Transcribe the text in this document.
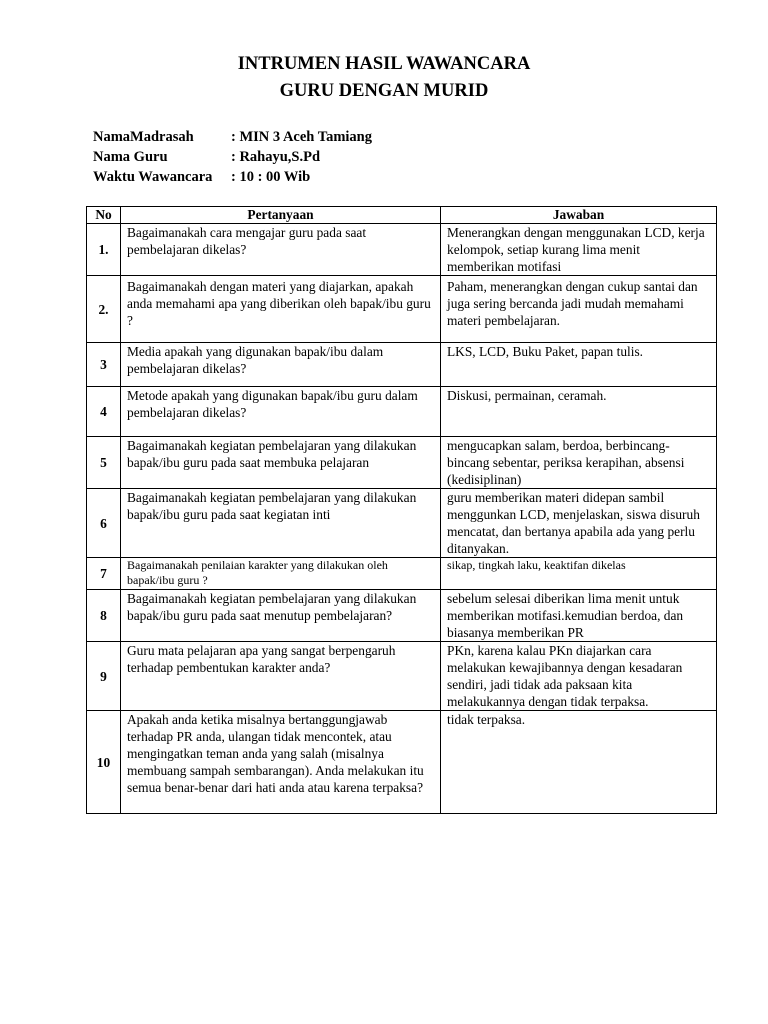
INTRUMEN HASIL WAWANCARA
GURU DENGAN MURID
NamaMadrasah	: MIN 3 Aceh Tamiang
Nama Guru	: Rahayu,S.Pd
Waktu Wawancara	: 10 : 00 Wib
No	Pertanyaan	Jawaban
1.	Bagaimanakah cara mengajar guru pada saat pembelajaran dikelas?	Menerangkan dengan menggunakan LCD, kerja kelompok, setiap kurang lima menit memberikan motifasi
2.	Bagaimanakah dengan materi yang diajarkan, apakah anda memahami apa yang diberikan oleh bapak/ibu guru ?	Paham, menerangkan dengan cukup santai dan juga sering bercanda jadi mudah memahami materi pembelajaran.
3	Media apakah yang digunakan bapak/ibu dalam pembelajaran dikelas?	LKS, LCD, Buku Paket, papan tulis.
4	Metode apakah yang digunakan bapak/ibu guru dalam pembelajaran dikelas?	Diskusi, permainan, ceramah.
5	Bagaimanakah kegiatan pembelajaran yang dilakukan bapak/ibu guru pada saat membuka pelajaran	mengucapkan salam, berdoa, berbincang-bincang sebentar, periksa kerapihan, absensi (kedisiplinan)
6	Bagaimanakah kegiatan pembelajaran yang dilakukan bapak/ibu guru pada saat kegiatan inti	guru memberikan materi didepan sambil menggunkan LCD, menjelaskan, siswa disuruh mencatat, dan bertanya apabila ada yang perlu ditanyakan.
7	Bagaimanakah penilaian karakter yang dilakukan oleh bapak/ibu guru ?	sikap, tingkah laku, keaktifan dikelas
8	Bagaimanakah kegiatan pembelajaran yang dilakukan bapak/ibu guru pada saat menutup pembelajaran?	sebelum selesai diberikan lima menit untuk memberikan motifasi.kemudian berdoa, dan biasanya memberikan PR
9	Guru mata pelajaran apa yang sangat berpengaruh terhadap pembentukan karakter anda?	PKn, karena kalau PKn diajarkan cara melakukan kewajibannya dengan kesadaran sendiri, jadi tidak ada paksaan kita melakukannya dengan tidak terpaksa.
10	Apakah anda ketika misalnya bertanggungjawab terhadap PR anda, ulangan tidak mencontek, atau mengingatkan teman anda yang salah (misalnya membuang sampah sembarangan). Anda melakukan itu semua benar-benar dari hati anda atau karena terpaksa?	tidak terpaksa.
